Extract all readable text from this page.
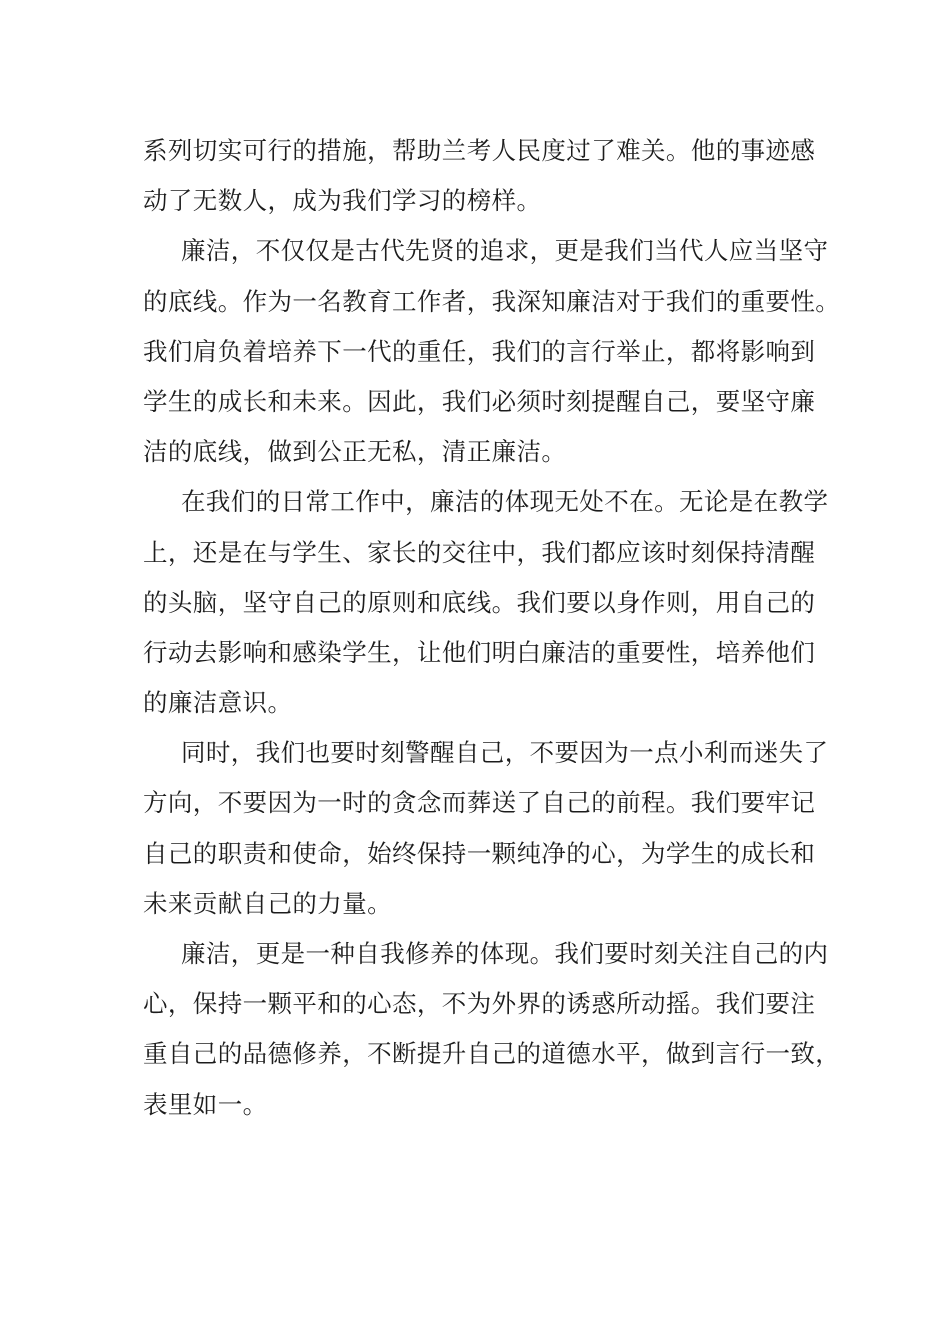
系列切实可行的措施，帮助兰考人民度过了难关。他的事迹感
动了无数人，成为我们学习的榜样。
廉洁，不仅仅是古代先贤的追求，更是我们当代人应当坚守
的底线。作为一名教育工作者，我深知廉洁对于我们的重要性。
我们肩负着培养下一代的重任，我们的言行举止，都将影响到
学生的成长和未来。因此，我们必须时刻提醒自己，要坚守廉
洁的底线，做到公正无私，清正廉洁。
在我们的日常工作中，廉洁的体现无处不在。无论是在教学
上，还是在与学生、家长的交往中，我们都应该时刻保持清醒
的头脑，坚守自己的原则和底线。我们要以身作则，用自己的
行动去影响和感染学生，让他们明白廉洁的重要性，培养他们
的廉洁意识。
同时，我们也要时刻警醒自己，不要因为一点小利而迷失了
方向，不要因为一时的贪念而葬送了自己的前程。我们要牢记
自己的职责和使命，始终保持一颗纯净的心，为学生的成长和
未来贡献自己的力量。
廉洁，更是一种自我修养的体现。我们要时刻关注自己的内
心，保持一颗平和的心态，不为外界的诱惑所动摇。我们要注
重自己的品德修养，不断提升自己的道德水平，做到言行一致，
表里如一。
